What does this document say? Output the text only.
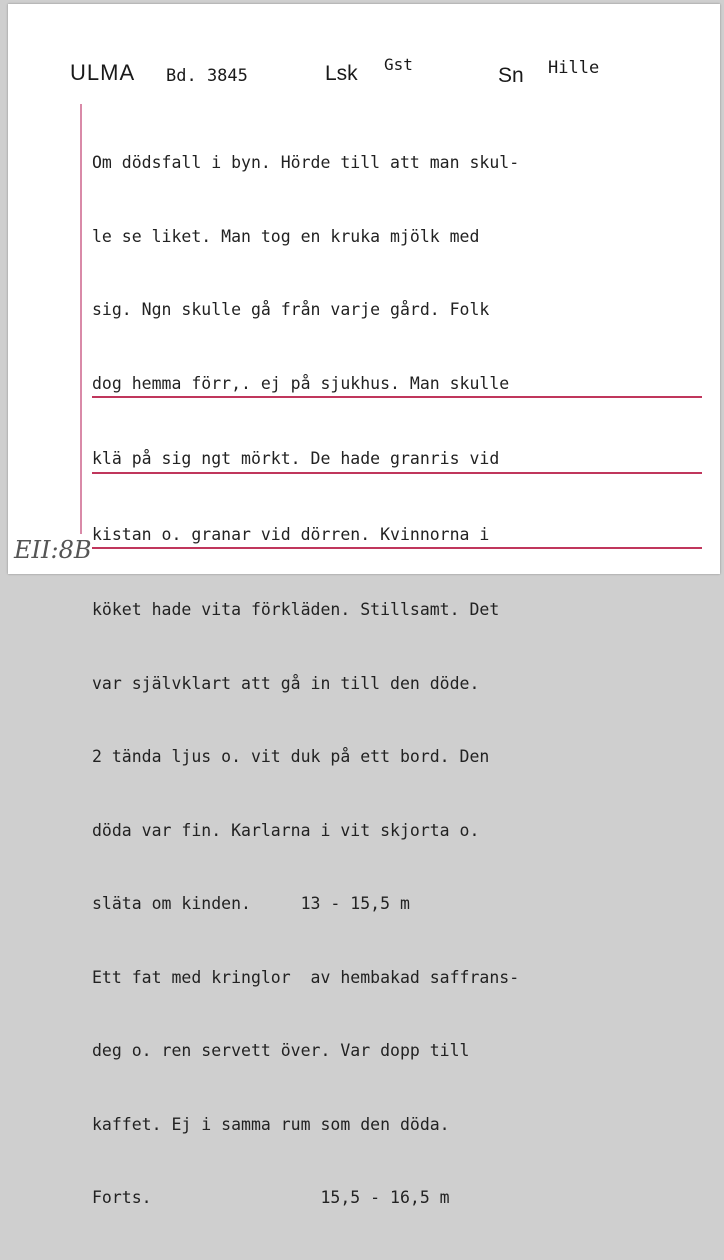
ULMA Bd. 3845	Lsk Gst	Sn Hille

Om dödsfall i byn. Hörde till att man skul-

le se liket. Man tog en kruka mjölk med

sig. Ngn skulle gå från varje gård. Folk

dog hemma förr,. ej på sjukhus. Man skulle

klä på sig ngt mörkt. De hade granris vid

kistan o. granar vid dörren. Kvinnorna i

köket hade vita förkläden. Stillsamt. Det

var självklart att gå in till den döde.

2 tända ljus o. vit duk på ett bord. Den

döda var fin. Karlarna i vit skjorta o.

släta om kinden.     13 - 15,5 m

Ett fat med kringlor  av hembakad saffrans-

deg o. ren servett över. Var dopp till

kaffet. Ej i samma rum som den döda.

Forts.                 15,5 - 16,5 m

EII:8B
